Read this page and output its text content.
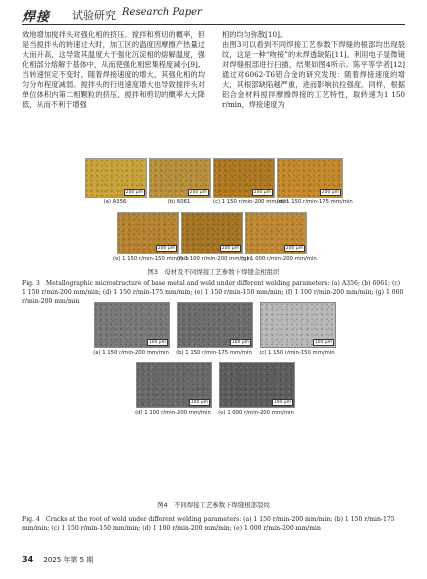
焊接 试验研究 Research Paper

效地增加搅拌头对强化相的挤压、搅拌和剪切的概率，但是当搅拌头的转速过大时，加工区的温度因摩擦产热量过大而升高，这导致其温度大于强化沉淀相的熔解温度，强化相部分熔解于基体中，从而使强化相密集程度减小[9]。当转速恒定不变时，随着焊接速度的增大，其强化相的均匀分布程度减弱。搅拌头的行进速度增大也导致搅拌头对单位体积内第二相颗粒的挤压、搅拌和剪切的概率大大降低，从而不利于增强

相的均匀弥散[10]。
由图3可以看到不同焊接工艺参数下焊缝的根部均出现裂纹，这是一种“吻接”的未焊透缺陷[11]。利用电子显微镜对焊缝根部进行扫描，结果如图4所示。陈平等学者[12]通过对6062-T6铝合金的研究发现：随着焊接速度的增大，其根部缺陷越严重，进而影响抗拉强度。同样，根据铝合金材料搅拌摩擦焊接的工艺特性，取转速为1 150 r/min，焊接速度为

200 μm	200 μm	200 μm	200 μm
(a) A356	(b) 6061	(c) 1 150 r/min-200 mm/min
(d) 1 150 r/min-175 mm/min
200 μm	200 μm	200 μm
(e) 1 150 r/min-150 mm/min
(f) 1 100 r/min-200 mm/min
(g) 1 000 r/min-200 mm/min
图3　母材及不同焊接工艺参数下焊缝金相组织
Fig. 3　Metallographic microstructure of base metal and weld under different welding parameters: (a) A356; (b) 6061; (c) 1 150 r/min-200 mm/min; (d) 1 150 r/min-175 mm/min; (e) 1 150 r/min-150 mm/min; (f) 1 100 r/min-200 mm/min; (g) 1 000 r/min-200 mm/min
100 μm	100 μm	100 μm
(a) 1 150 r/min-200 mm/min	(b) 1 150 r/min-175 mm/min	(c) 1 150 r/min-150 mm/min
100 μm	100 μm
(d) 1 100 r/min-200 mm/min	(e) 1 000 r/min-200 mm/min
图4　不同焊接工艺参数下焊缝根部裂纹
Fig. 4　Cracks at the root of weld under different welding parameters: (a) 1 150 r/min-200 mm/min; (b) 1 150 r/min-175 mm/min; (c) 1 150 r/min-150 mm/min; (d) 1 100 r/min-200 mm/min; (e) 1 000 r/min-200 mm/min
34 2025 年第 5 期
